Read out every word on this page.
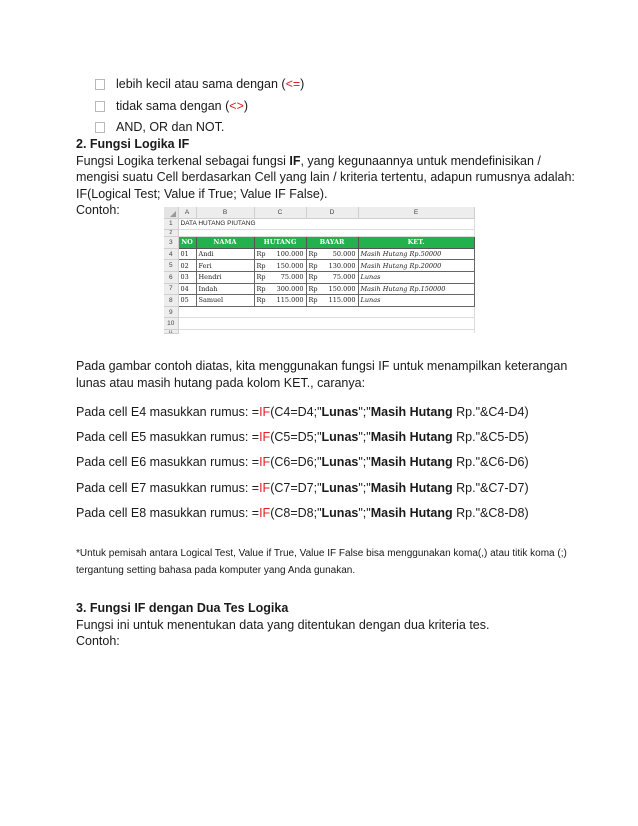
lebih kecil atau sama dengan ( <= )
tidak sama dengan ( <> )
AND, OR dan NOT.
2. Fungsi Logika IF
Fungsi Logika terkenal sebagai fungsi IF, yang kegunaannya untuk mendefinisikan / mengisi suatu Cell berdasarkan Cell yang lain / kriteria tertentu, adapun rumusnya adalah: IF(Logical Test; Value if True; Value IF False).
Contoh:
		A	B	C		D		E
1	DATA HUTANG PIUTANG						
2							
3	NO	NAMA	HUTANG		BAYAR		KET.
4	01	Andi	Rp	100.000	Rp	50.000	Masih Hutang Rp.50000
5	02	Feri	Rp	150.000	Rp	130.000	Masih Hutang Rp.20000
6	03	Hendri	Rp	75.000	Rp	75.000	Lunas
7	04	Indah	Rp	300.000	Rp	150.000	Masih Hutang Rp.150000
8	05	Samuel	Rp	115.000	Rp	115.000	Lunas
9							
10							
11							
Pada gambar contoh diatas, kita menggunakan fungsi IF untuk menampilkan keterangan lunas atau masih hutang pada kolom KET., caranya:
Pada cell E4 masukkan rumus: =IF(C4=D4;"Lunas";"Masih Hutang Rp."&C4-D4)
Pada cell E5 masukkan rumus: =IF(C5=D5;"Lunas";"Masih Hutang Rp."&C5-D5)
Pada cell E6 masukkan rumus: =IF(C6=D6;"Lunas";"Masih Hutang Rp."&C6-D6)
Pada cell E7 masukkan rumus: =IF(C7=D7;"Lunas";"Masih Hutang Rp."&C7-D7)
Pada cell E8 masukkan rumus: =IF(C8=D8;"Lunas";"Masih Hutang Rp."&C8-D8)
*Untuk pemisah antara Logical Test, Value if True, Value IF False bisa menggunakan koma(,) atau titik koma (;) tergantung setting bahasa pada komputer yang Anda gunakan.
3. Fungsi IF dengan Dua Tes Logika
Fungsi ini untuk menentukan data yang ditentukan dengan dua kriteria tes.
Contoh:
